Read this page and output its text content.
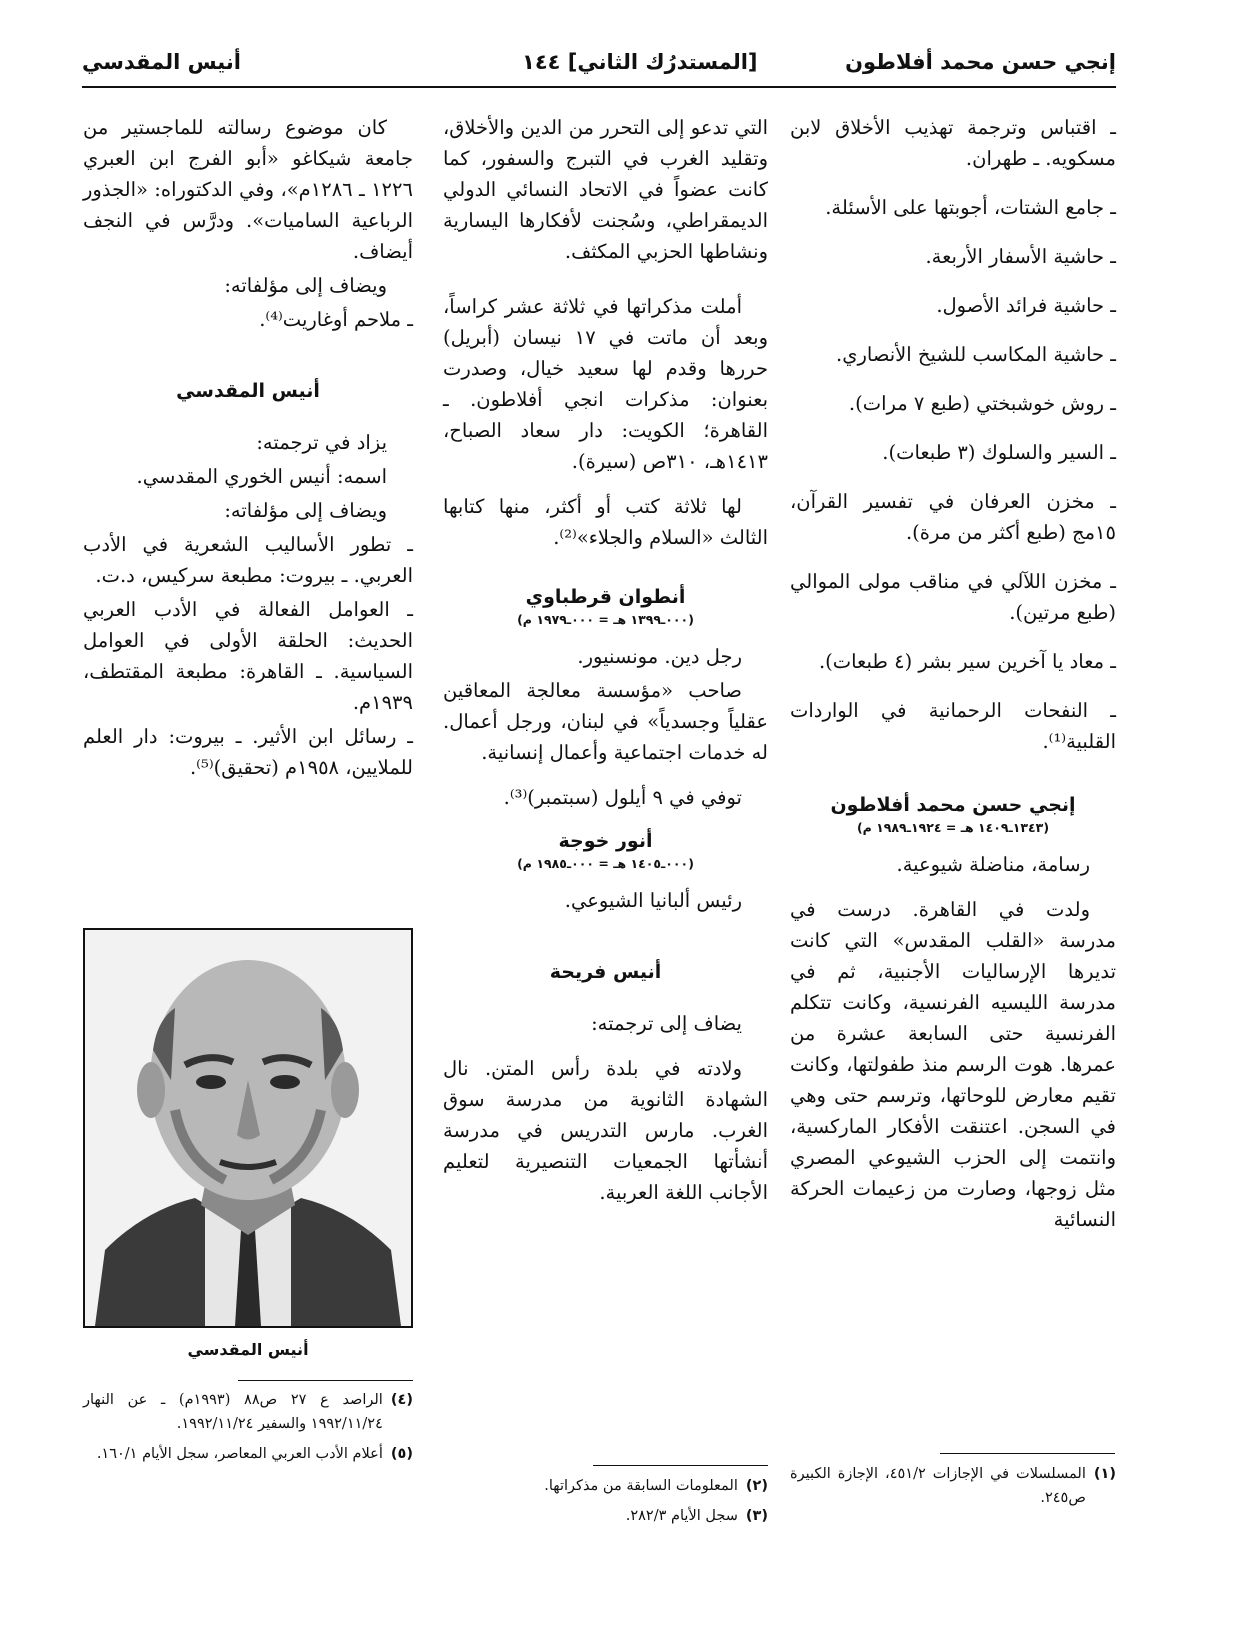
إنجي حسن محمد أفلاطون
[المستدرُك الثاني] ١٤٤
أنيس المقدسي

ـ اقتباس وترجمة تهذيب الأخلاق لابن مسكويه. ـ طهران.

ـ جامع الشتات، أجوبتها على الأسئلة.

ـ حاشية الأسفار الأربعة.

ـ حاشية فرائد الأصول.

ـ حاشية المكاسب للشيخ الأنصاري.

ـ روش خوشبختي (طبع ٧ مرات).

ـ السير والسلوك (٣ طبعات).

ـ مخزن العرفان في تفسير القرآن، ١٥مج (طبع أكثر من مرة).

ـ مخزن اللآلي في مناقب مولى الموالي (طبع مرتين).

ـ معاد يا آخرين سير بشر (٤ طبعات).

ـ النفحات الرحمانية في الواردات القلبية⁽¹⁾.

إنجي حسن محمد أفلاطون
(١٣٤٣ـ١٤٠٩ هـ = ١٩٢٤ـ١٩٨٩ م)

رسامة، مناضلة شيوعية.

ولدت في القاهرة. درست في مدرسة «القلب المقدس» التي كانت تديرها الإرساليات الأجنبية، ثم في مدرسة الليسيه الفرنسية، وكانت تتكلم الفرنسية حتى السابعة عشرة من عمرها. هوت الرسم منذ طفولتها، وكانت تقيم معارض للوحاتها، وترسم حتى وهي في السجن. اعتنقت الأفكار الماركسية، وانتمت إلى الحزب الشيوعي المصري مثل زوجها، وصارت من زعيمات الحركة النسائية

التي تدعو إلى التحرر من الدين والأخلاق، وتقليد الغرب في التبرج والسفور، كما كانت عضواً في الاتحاد النسائي الدولي الديمقراطي، وسُجنت لأفكارها اليسارية ونشاطها الحزبي المكثف.

أملت مذكراتها في ثلاثة عشر كراساً، وبعد أن ماتت في ١٧ نيسان (أبريل) حررها وقدم لها سعيد خيال، وصدرت بعنوان: مذكرات انجي أفلاطون. ـ القاهرة؛ الكويت: دار سعاد الصباح، ١٤١٣هـ، ٣١٠ص (سيرة).

لها ثلاثة كتب أو أكثر، منها كتابها الثالث «السلام والجلاء»⁽²⁾.

أنطوان قرطباوي
(٠٠٠ـ١٣٩٩ هـ = ٠٠٠ـ١٩٧٩ م)

رجل دين. مونسنيور.

صاحب «مؤسسة معالجة المعاقين عقلياً وجسدياً» في لبنان، ورجل أعمال. له خدمات اجتماعية وأعمال إنسانية.

توفي في ٩ أيلول (سبتمبر)⁽³⁾.

أنور خوجة
(٠٠٠ـ١٤٠٥ هـ = ٠٠٠ـ١٩٨٥ م)

رئيس ألبانيا الشيوعي.

أنيس فريحة

يضاف إلى ترجمته:

ولادته في بلدة رأس المتن. نال الشهادة الثانوية من مدرسة سوق الغرب. مارس التدريس في مدرسة أنشأتها الجمعيات التنصيرية لتعليم الأجانب اللغة العربية.

كان موضوع رسالته للماجستير من جامعة شيكاغو «أبو الفرج ابن العبري ١٢٢٦ ـ ١٢٨٦م»، وفي الدكتوراه: «الجذور الرباعية الساميات». ودرَّس في النجف أيضاف.

ويضاف إلى مؤلفاته:

ـ ملاحم أوغاريت⁽⁴⁾.

أنيس المقدسي

يزاد في ترجمته:

اسمه: أنيس الخوري المقدسي.

ويضاف إلى مؤلفاته:

ـ تطور الأساليب الشعرية في الأدب العربي. ـ بيروت: مطبعة سركيس، د.ت.

ـ العوامل الفعالة في الأدب العربي الحديث: الحلقة الأولى في العوامل السياسية. ـ القاهرة: مطبعة المقتطف، ١٩٣٩م.

ـ رسائل ابن الأثير. ـ بيروت: دار العلم للملايين، ١٩٥٨م (تحقيق)⁽⁵⁾.

أنيس المقدسي
(١)
المسلسلات في الإجازات ٤٥١/٢، الإجازة الكبيرة ص٢٤٥.
(٢)
المعلومات السابقة من مذكراتها.
(٣)
سجل الأيام ٢٨٢/٣.
(٤)
الراصد ع ٢٧ ص٨٨ (١٩٩٣م) ـ عن النهار ١٩٩٢/١١/٢٤ والسفير ١٩٩٢/١١/٢٤.
(٥)
أعلام الأدب العربي المعاصر، سجل الأيام ١٦٠/١.
